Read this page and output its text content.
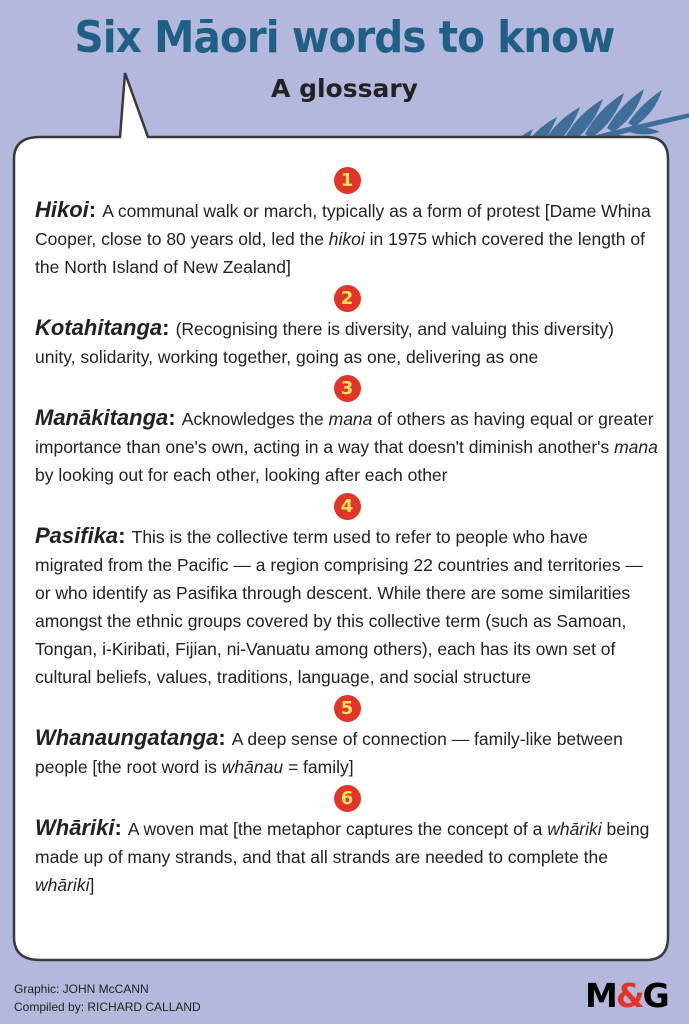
Six Māori words to know
A glossary
1
Hikoi: A communal walk or march, typically as a form of protest [Dame Whina Cooper, close to 80 years old, led the hikoi in 1975 which covered the length of the North Island of New Zealand]
2
Kotahitanga: (Recognising there is diversity, and valuing this diversity) unity, solidarity, working together, going as one, delivering as one
3
Manākitanga: Acknowledges the mana of others as having equal or greater importance than one's own, acting in a way that doesn't diminish another's mana by looking out for each other, looking after each other
4
Pasifika: This is the collective term used to refer to people who have migrated from the Pacific — a region comprising 22 countries and territories — or who identify as Pasifika through descent. While there are some similarities amongst the ethnic groups covered by this collective term (such as Samoan, Tongan, i-Kiribati, Fijian, ni-Vanuatu among others), each has its own set of cultural beliefs, values, traditions, language, and social structure
5
Whanaungatanga: A deep sense of connection — family-like between people [the root word is whānau = family]
6
Whāriki: A woven mat [the metaphor captures the concept of a whāriki being made up of many strands, and that all strands are needed to complete the whāriki]
Graphic: JOHN McCANN
Compiled by: RICHARD CALLAND	M&G
